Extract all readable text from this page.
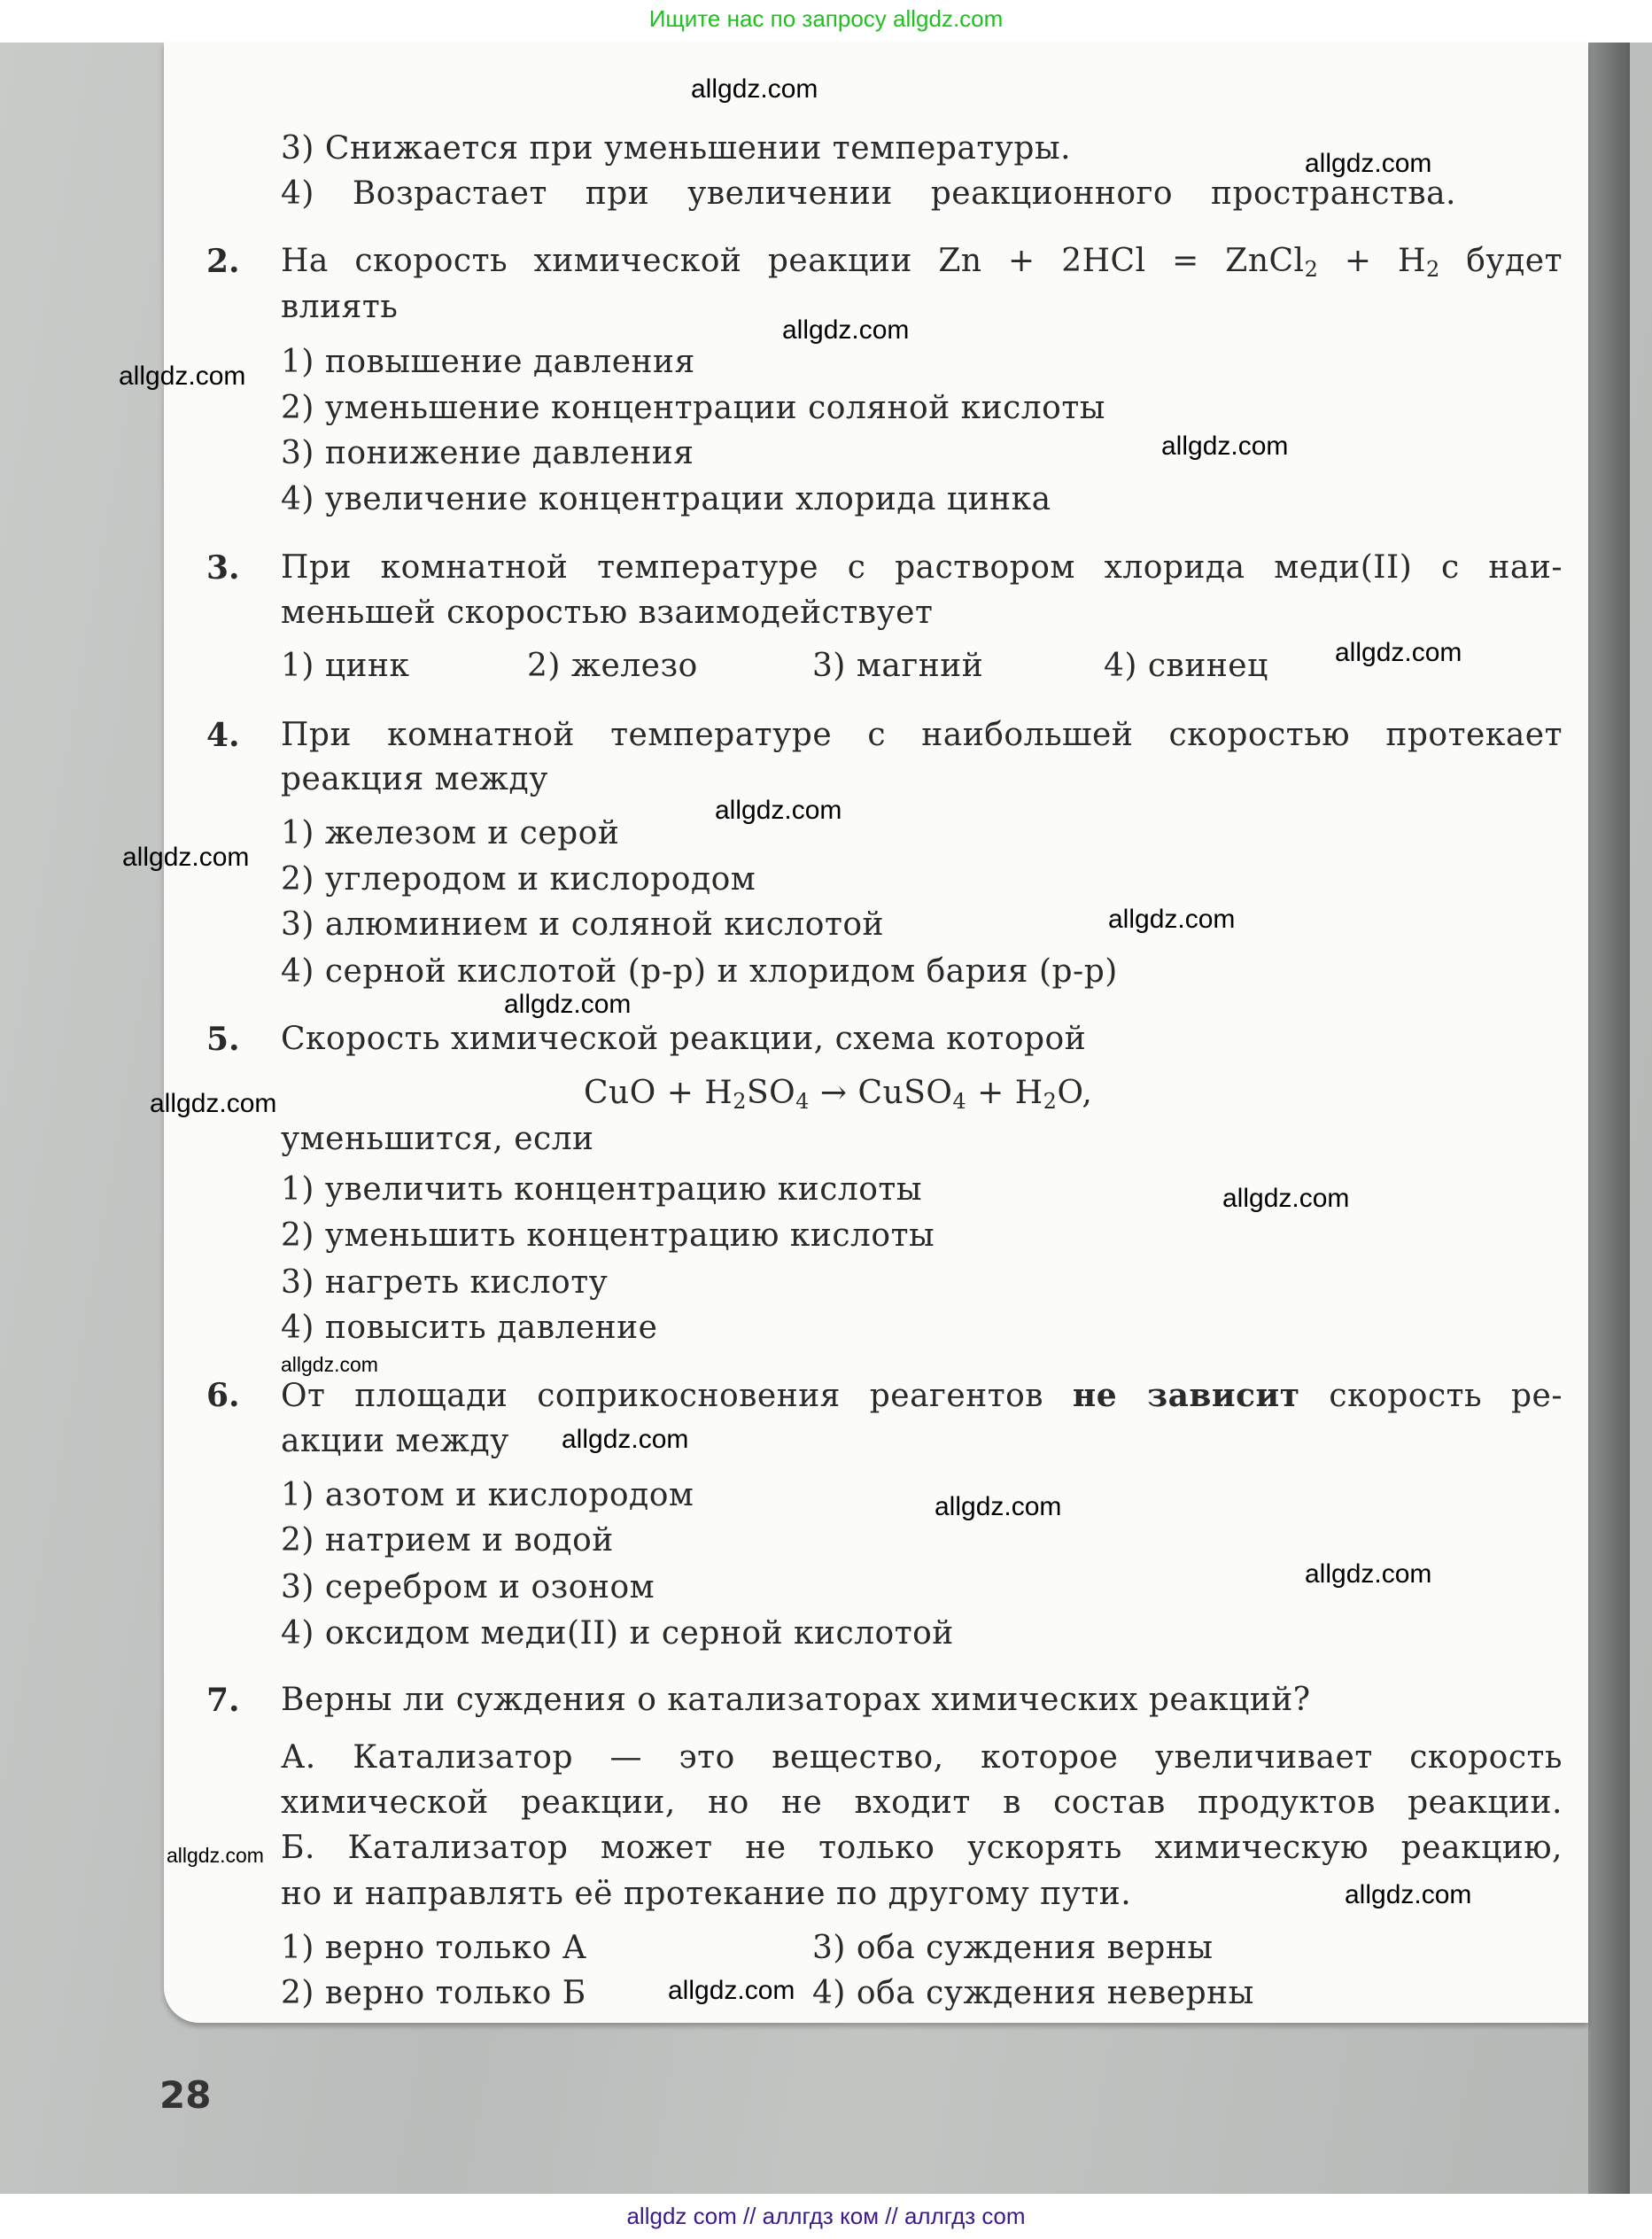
Ищите нас по запросу allgdz.com
28
3) Снижается при уменьшении температуры.
4) Возрастает при увеличении реакционного пространства.
2. На скорость химической реакции Zn + 2HCl = ZnCl$_2$ + $H_2$ будет
влиять
1) повышение давления
2) уменьшение концентрации соляной кислоты
3) понижение давления
4) увеличение концентрации хлорида цинка
3. При комнатной температуре с раствором хлорида меди(II) с наи-
меньшей скоростью взаимодействует
1) цинк	2) железо	3) магний	4) свинец
4. При комнатной температуре с наибольшей скоростью протекает
реакция между
1) железом и серой
2) углеродом и кислородом
3) алюминием и соляной кислотой
4) серной кислотой (р-р) и хлоридом бария (р-р)
5. Скорость химической реакции, схема которой
CuO + $H_2SO_4$ → CuSO$_4$ + $H_2O$,
уменьшится, если
1) увеличить концентрацию кислоты
2) уменьшить концентрацию кислоты
3) нагреть кислоту
4) повысить давление
6. От площади соприкосновения реагентов не зависит скорость ре-
акции между
1) азотом и кислородом
2) натрием и водой
3) серебром и озоном
4) оксидом меди(II) и серной кислотой
7. Верны ли суждения о катализаторах химических реакций?
А. Катализатор — это вещество, которое увеличивает скорость
химической реакции, но не входит в состав продуктов реакции.
Б. Катализатор может не только ускорять химическую реакцию,
но и направлять её протекание по другому пути.
1) верно только А
2) верно только Б
3) оба суждения верны
4) оба суждения неверны
allgdz.com
allgdz.com
allgdz.com
allgdz.com
allgdz.com
allgdz.com
allgdz.com
allgdz.com
allgdz.com
allgdz.com
allgdz.com
allgdz.com
allgdz.com
allgdz.com
allgdz.com
allgdz.com
allgdz.com
allgdz.com
allgdz.com
allgdz com // аллгдз ком // аллгдз com
